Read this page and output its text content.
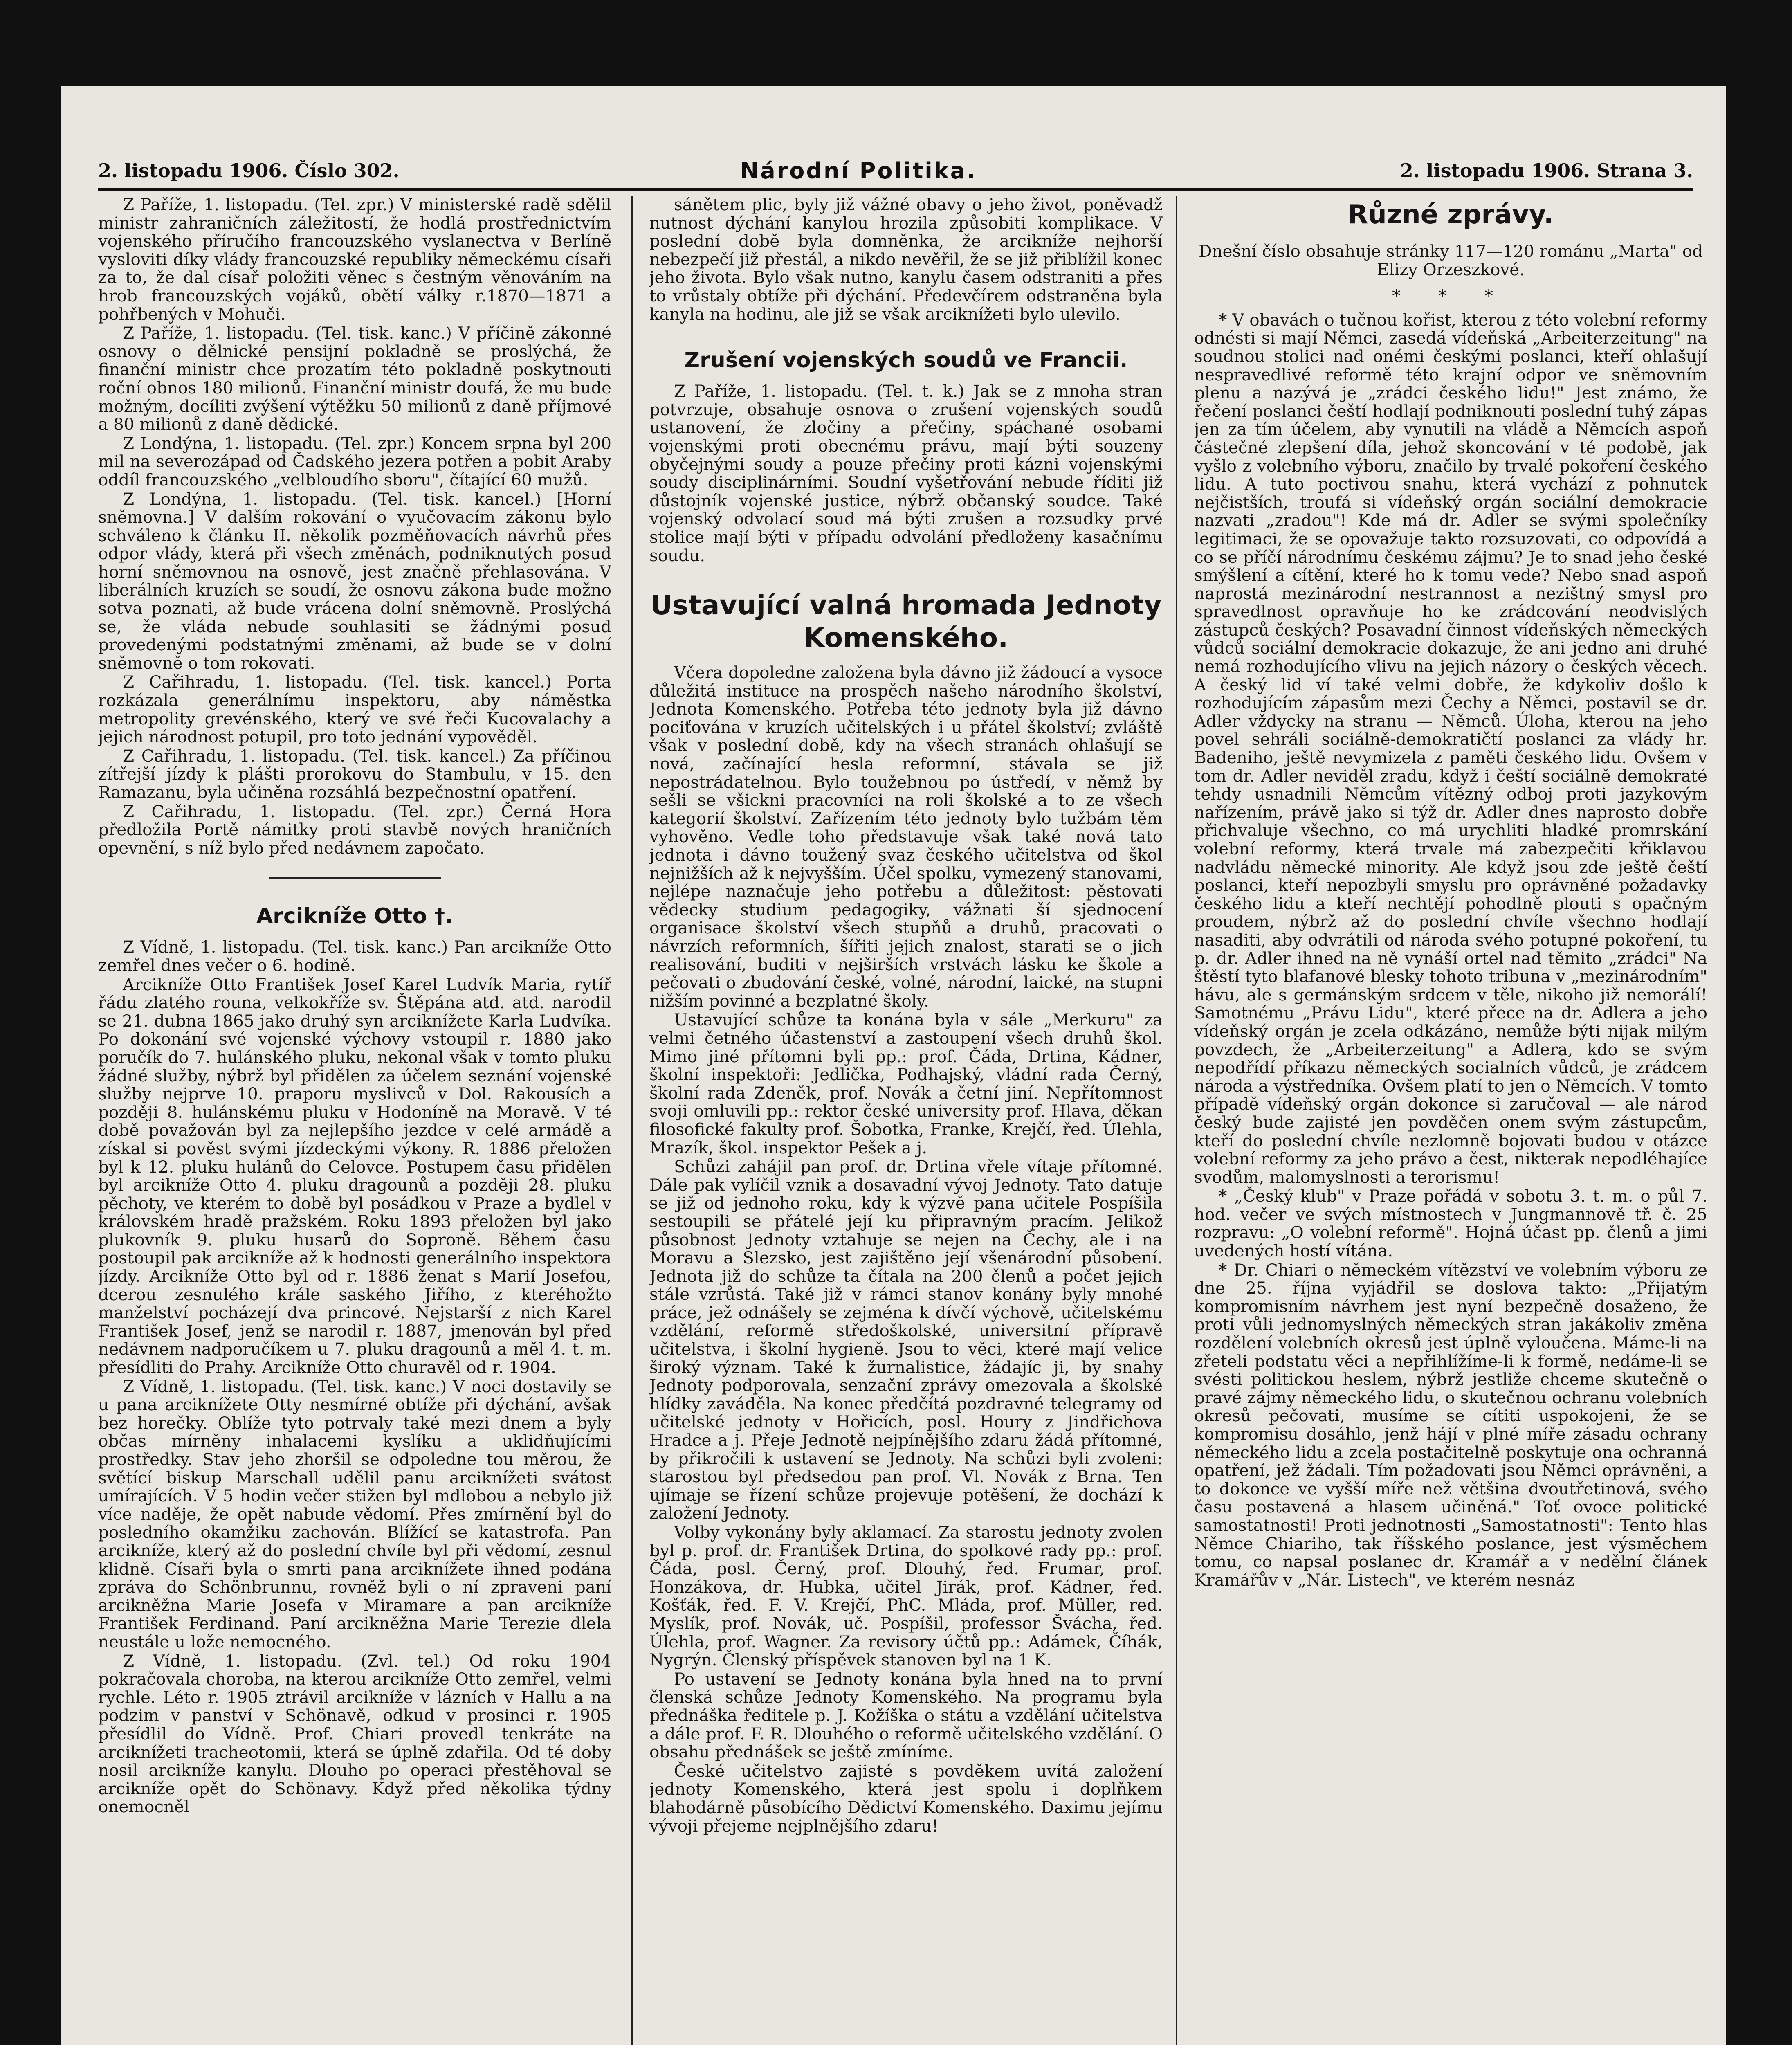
2. listopadu 1906. Číslo 302.	Národní Politika.	2. listopadu 1906. Strana 3.

Z Paříže, 1. listopadu. (Tel. zpr.) V ministerské radě sdělil ministr zahraničních záležitostí, že hodlá prostřednictvím vojenského příručího francouzského vyslanectva v Berlíně vysloviti díky vlády francouzské republiky německému císaři za to, že dal císař položiti věnec s čestným věnováním na hrob francouzských vojáků, obětí války r.1870—1871 a pohřbených v Mohuči.

Z Paříže, 1. listopadu. (Tel. tisk. kanc.) V příčině zákonné osnovy o dělnické pensijní pokladně se proslýchá, že finanční ministr chce prozatím této pokladně poskytnouti roční obnos 180 milionů. Finanční ministr doufá, že mu bude možným, docíliti zvýšení výtěžku 50 milionů z daně příjmové a 80 milionů z daně dědické.

Z Londýna, 1. listopadu. (Tel. zpr.) Koncem srpna byl 200 mil na severozápad od Čadského jezera potřen a pobit Araby oddíl francouzského „velbloudího sboru", čítající 60 mužů.

Z Londýna, 1. listopadu. (Tel. tisk. kancel.) [Horní sněmovna.] V dalším rokování o vyučovacím zákonu bylo schváleno k článku II. několik pozměňovacích návrhů přes odpor vlády, která při všech změnách, podniknutých posud horní sněmovnou na osnově, jest značně přehlasována. V liberálních kruzích se soudí, že osnovu zákona bude možno sotva poznati, až bude vrácena dolní sněmovně. Proslýchá se, že vláda nebude souhlasiti se žádnými posud provedenými podstatnými změnami, až bude se v dolní sněmovně o tom rokovati.

Z Cařihradu, 1. listopadu. (Tel. tisk. kancel.) Porta rozkázala generálnímu inspektoru, aby náměstka metropolity grevénského, který ve své řeči Kucovalachy a jejich národnost potupil, pro toto jednání vypověděl.

Z Cařihradu, 1. listopadu. (Tel. tisk. kancel.) Za příčinou zítřejší jízdy k plášti prorokovu do Stambulu, v 15. den Ramazanu, byla učiněna rozsáhlá bezpečnostní opatření.

Z Cařihradu, 1. listopadu. (Tel. zpr.) Černá Hora předložila Portě námitky proti stavbě nových hraničních opevnění, s níž bylo před nedávnem započato.

Arcikníže Otto †.

Z Vídně, 1. listopadu. (Tel. tisk. kanc.) Pan arcikníže Otto zemřel dnes večer o 6. hodině.

Arcikníže Otto František Josef Karel Ludvík Maria, rytíř řádu zlatého rouna, velkokříže sv. Štěpána atd. atd. narodil se 21. dubna 1865 jako druhý syn arciknížete Karla Ludvíka. Po dokonání své vojenské výchovy vstoupil r. 1880 jako poručík do 7. hulánského pluku, nekonal však v tomto pluku žádné služby, nýbrž byl přidělen za účelem seznání vojenské služby nejprve 10. praporu myslivců v Dol. Rakousích a později 8. hulánskému pluku v Hodoníně na Moravě. V té době považován byl za nejlepšího jezdce v celé armádě a získal si pověst svými jízdeckými výkony. R. 1886 přeložen byl k 12. pluku hulánů do Celovce. Postupem času přidělen byl arcikníže Otto 4. pluku dragounů a později 28. pluku pěchoty, ve kterém to době byl posádkou v Praze a bydlel v královském hradě pražském. Roku 1893 přeložen byl jako plukovník 9. pluku husarů do Soproně. Během času postoupil pak arcikníže až k hodnosti generálního inspektora jízdy. Arcikníže Otto byl od r. 1886 ženat s Marií Josefou, dcerou zesnulého krále saského Jiřího, z kteréhožto manželství pocházejí dva princové. Nejstarší z nich Karel František Josef, jenž se narodil r. 1887, jmenován byl před nedávnem nadporučíkem u 7. pluku dragounů a měl 4. t. m. přesídliti do Prahy. Arcikníže Otto churavěl od r. 1904.

Z Vídně, 1. listopadu. (Tel. tisk. kanc.) V noci dostavily se u pana arciknížete Otty nesmírné obtíže při dýchání, avšak bez horečky. Oblíže tyto potrvaly také mezi dnem a byly občas mírněny inhalacemi kyslíku a uklidňujícími prostředky. Stav jeho zhoršil se odpoledne tou měrou, že světící biskup Marschall udělil panu arciknížeti svátost umírajících. V 5 hodin večer stižen byl mdlobou a nebylo již více naděje, že opět nabude vědomí. Přes zmírnění byl do posledního okamžiku zachován. Blížící se katastrofa. Pan arcikníže, který až do poslední chvíle byl při vědomí, zesnul klidně. Císaři byla o smrti pana arciknížete ihned podána zpráva do Schönbrunnu, rovněž byli o ní zpraveni paní arcikněžna Marie Josefa v Miramare a pan arcikníže František Ferdinand. Paní arcikněžna Marie Terezie dlela neustále u lože nemocného.

Z Vídně, 1. listopadu. (Zvl. tel.) Od roku 1904 pokračovala choroba, na kterou arcikníže Otto zemřel, velmi rychle. Léto r. 1905 ztrávil arcikníže v lázních v Hallu a na podzim v panství v Schönavě, odkud v prosinci r. 1905 přesídlil do Vídně. Prof. Chiari provedl tenkráte na arciknížeti tracheotomii, která se úplně zdařila. Od té doby nosil arcikníže kanylu. Dlouho po operaci přestěhoval se arcikníže opět do Schönavy. Když před několika týdny onemocněl

sánětem plic, byly již vážné obavy o jeho život, poněvadž nutnost dýchání kanylou hrozila způsobiti komplikace. V poslední době byla domněnka, že arcikníže nejhorší nebezpečí již přestál, a nikdo nevěřil, že se již přiblížil konec jeho života. Bylo však nutno, kanylu časem odstraniti a přes to vrůstaly obtíže při dýchání. Předevčírem odstraněna byla kanyla na hodinu, ale již se však arciknížeti bylo ulevilo.

Zrušení vojenských soudů ve Francii.

Z Paříže, 1. listopadu. (Tel. t. k.) Jak se z mnoha stran potvrzuje, obsahuje osnova o zrušení vojenských soudů ustanovení, že zločiny a přečiny, spáchané osobami vojenskými proti obecnému právu, mají býti souzeny obyčejnými soudy a pouze přečiny proti kázni vojenskými soudy disciplinárními. Soudní vyšetřování nebude říditi již důstojník vojenské justice, nýbrž občanský soudce. Také vojenský odvolací soud má býti zrušen a rozsudky prvé stolice mají býti v případu odvolání předloženy kasačnímu soudu.

Ustavující valná hromada Jednoty Komenského.

Včera dopoledne založena byla dávno již žádoucí a vysoce důležitá instituce na prospěch našeho národního školství, Jednota Komenského. Potřeba této jednoty byla již dávno pociťována v kruzích učitelských i u přátel školství; zvláště však v poslední době, kdy na všech stranách ohlašují se nová, začínající hesla reformní, stávala se již nepostrádatelnou. Bylo toužebnou po ústředí, v němž by sešli se všickni pracovníci na roli školské a to ze všech kategorií školství. Zařízením této jednoty bylo tužbám těm vyhověno. Vedle toho představuje však také nová tato jednota i dávno toužený svaz českého učitelstva od škol nejnižších až k nejvyšším. Účel spolku, vymezený stanovami, nejlépe naznačuje jeho potřebu a důležitost: pěstovati vědecky studium pedagogiky, vážnati ší sjednocení organisace školství všech stupňů a druhů, pracovati o návrzích reformních, šířiti jejich znalost, starati se o jich realisování, buditi v nejširších vrstvách lásku ke škole a pečovati o zbudování české, volné, národní, laické, na stupni nižším povinné a bezplatné školy.

Ustavující schůze ta konána byla v sále „Merkuru" za velmi četného účastenství a zastoupení všech druhů škol. Mimo jiné přítomni byli pp.: prof. Čáda, Drtina, Kádner, školní inspektoři: Jedlička, Podhajský, vládní rada Černý, školní rada Zdeněk, prof. Novák a četní jiní. Nepřítomnost svoji omluvili pp.: rektor české university prof. Hlava, děkan filosofické fakulty prof. Šobotka, Franke, Krejčí, řed. Úlehla, Mrazík, škol. inspektor Pešek a j.

Schůzi zahájil pan prof. dr. Drtina vřele vítaje přítomné. Dále pak vylíčil vznik a dosavadní vývoj Jednoty. Tato datuje se již od jednoho roku, kdy k výzvě pana učitele Pospíšila sestoupili se přátelé její ku připravným pracím. Jelikož působnost Jednoty vztahuje se nejen na Čechy, ale i na Moravu a Slezsko, jest zajištěno její všenárodní působení. Jednota již do schůze ta čítala na 200 členů a počet jejich stále vzrůstá. Také již v rámci stanov konány byly mnohé práce, jež odnášely se zejména k dívčí výchově, učitelskému vzdělání, reformě středoškolské, universitní přípravě učitelstva, i školní hygieně. Jsou to věci, které mají velice široký význam. Také k žurnalistice, žádajíc ji, by snahy Jednoty podporovala, senzační zprávy omezovala a školské hlídky zaváděla. Na konec předčítá pozdravné telegramy od učitelské jednoty v Hořicích, posl. Houry z Jindřichova Hradce a j. Přeje Jednotě nejpínějšího zdaru žádá přítomné, by přikročili k ustavení se Jednoty. Na schůzi byli zvoleni: starostou byl předsedou pan prof. Vl. Novák z Brna. Ten ujímaje se řízení schůze projevuje potěšení, že dochází k založení Jednoty.

Volby vykonány byly aklamací. Za starostu jednoty zvolen byl p. prof. dr. František Drtina, do spolkové rady pp.: prof. Čáda, posl. Černý, prof. Dlouhý, řed. Frumar, prof. Honzákova, dr. Hubka, učitel Jirák, prof. Kádner, řed. Košťák, řed. F. V. Krejčí, PhC. Mláda, prof. Müller, red. Myslík, prof. Novák, uč. Pospíšil, professor Švácha, řed. Úlehla, prof. Wagner. Za revisory účtů pp.: Adámek, Číhák, Nygrýn. Členský příspěvek stanoven byl na 1 K.

Po ustavení se Jednoty konána byla hned na to první členská schůze Jednoty Komenského. Na programu byla přednáška ředitele p. J. Kožíška o státu a vzdělání učitelstva a dále prof. F. R. Dlouhého o reformě učitelského vzdělání. O obsahu přednášek se ještě zmíníme.

České učitelstvo zajisté s povděkem uvítá založení jednoty Komenského, která jest spolu i doplňkem blahodárně působícího Dědictví Komenského. Daximu jejímu vývoji přejeme nejplnějšího zdaru!

Různé zprávy.

Dnešní číslo obsahuje stránky 117—120 románu „Marta" od Elizy Orzeszkové.

* * *

* V obavách o tučnou kořist, kterou z této volební reformy odnésti si mají Němci, zasedá vídeňská „Arbeiterzeitung" na soudnou stolici nad onémi českými poslanci, kteří ohlašují nespravedlivé reformě této krajní odpor ve sněmovním plenu a nazývá je „zrádci českého lidu!" Jest známo, že řečení poslanci čeští hodlají podniknouti poslední tuhý zápas jen za tím účelem, aby vynutili na vládě a Němcích aspoň částečné zlepšení díla, jehož skoncování v té podobě, jak vyšlo z volebního výboru, značilo by trvalé pokoření českého lidu. A tuto poctivou snahu, která vychází z pohnutek nejčistších, troufá si vídeňský orgán sociální demokracie nazvati „zradou"! Kde má dr. Adler se svými společníky legitimaci, že se opovažuje takto rozsuzovati, co odpovídá a co se příčí národnímu českému zájmu? Je to snad jeho české smýšlení a cítění, které ho k tomu vede? Nebo snad aspoň naprostá mezinárodní nestrannost a nezištný smysl pro spravedlnost opravňuje ho ke zrádcování neodvislých zástupců českých? Posavadní činnost vídeňských německých vůdců sociální demokracie dokazuje, že ani jedno ani druhé nemá rozhodujícího vlivu na jejich názory o českých věcech. A český lid ví také velmi dobře, že kdykoliv došlo k rozhodujícím zápasům mezi Čechy a Němci, postavil se dr. Adler vždycky na stranu — Němců. Úloha, kterou na jeho povel sehráli sociálně-demokratičtí poslanci za vlády hr. Badeniho, ještě nevymizela z paměti českého lidu. Ovšem v tom dr. Adler neviděl zradu, když i čeští sociálně demokraté tehdy usnadnili Němcům vítězný odboj proti jazykovým nařízením, právě jako si týž dr. Adler dnes naprosto dobře přichvaluje všechno, co má urychliti hladké promrskání volební reformy, která trvale má zabezpečiti křiklavou nadvládu německé minority. Ale když jsou zde ještě čeští poslanci, kteří nepozbyli smyslu pro oprávněné požadavky českého lidu a kteří nechtějí pohodlně plouti s opačným proudem, nýbrž až do poslední chvíle všechno hodlají nasaditi, aby odvrátili od národa svého potupné pokoření, tu p. dr. Adler ihned na ně vynáší ortel nad těmito „zrádci" Na štěstí tyto blafanové blesky tohoto tribuna v „mezinárodním" hávu, ale s germánským srdcem v těle, nikoho již nemorálí! Samotnému „Právu Lidu", které přece na dr. Adlera a jeho vídeňský orgán je zcela odkázáno, nemůže býti nijak milým povzdech, že „Arbeiterzeitung" a Adlera, kdo se svým nepodřídí příkazu německých socialních vůdců, je zrádcem národa a výstředníka. Ovšem platí to jen o Němcích. V tomto případě vídeňský orgán dokonce si zaručoval — ale národ český bude zajisté jen povděčen onem svým zástupcům, kteří do poslední chvíle nezlomně bojovati budou v otázce volební reformy za jeho právo a čest, nikterak nepodléhajíce svodům, malomyslnosti a terorismu!

* „Český klub" v Praze pořádá v sobotu 3. t. m. o půl 7. hod. večer ve svých místnostech v Jungmannově tř. č. 25 rozpravu: „O volební reformě". Hojná účast pp. členů a jimi uvedených hostí vítána.

* Dr. Chiari o německém vítězství ve volebním výboru ze dne 25. října vyjádřil se doslova takto: „Přijatým kompromisním návrhem jest nyní bezpečně dosaženo, že proti vůli jednomyslných německých stran jakákoliv změna rozdělení volebních okresů jest úplně vyloučena. Máme-li na zřeteli podstatu věci a nepřihlížíme-li k formě, nedáme-li se svésti politickou heslem, nýbrž jestliže chceme skutečně o pravé zájmy německého lidu, o skutečnou ochranu volebních okresů pečovati, musíme se cítiti uspokojeni, že se kompromisu dosáhlo, jenž hájí v plné míře zásadu ochrany německého lidu a zcela postačitelně poskytuje ona ochranná opatření, jež žádali. Tím požadovati jsou Němci oprávněni, a to dokonce ve vyšší míře než většina dvoutřetinová, svého času postavená a hlasem učiněná." Toť ovoce politické samostatnosti! Proti jednotnosti „Samostatnosti": Tento hlas Němce Chiariho, tak říšského poslance, jest výsměchem tomu, co napsal poslanec dr. Kramář a v nedělní článek Kramářův v „Nár. Listech", ve kterém nesnáz
